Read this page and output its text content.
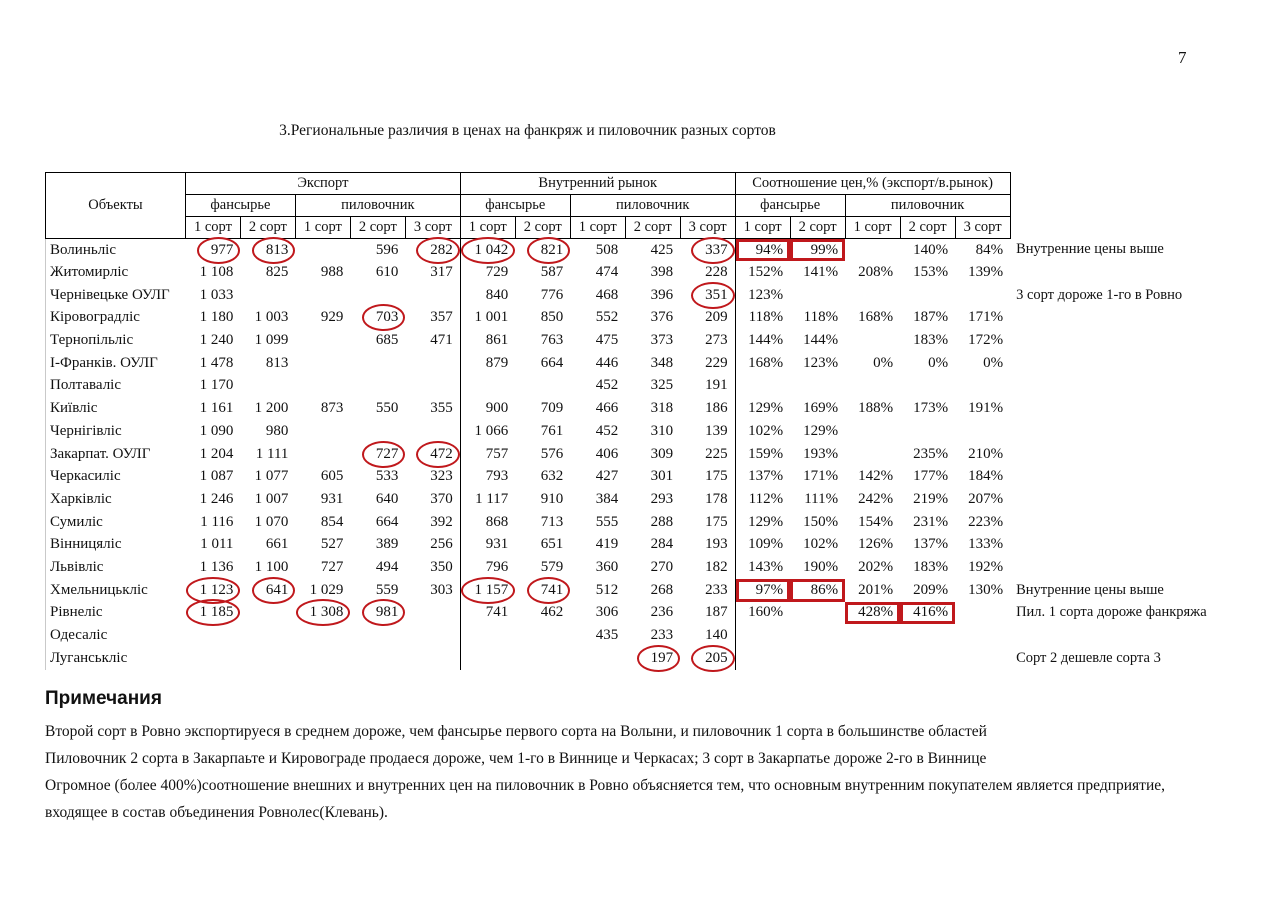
7
3.Региональные различия в ценах на фанкряж и пиловочник разных сортов
Объекты	Экспорт					Внутренний рынок					Соотношение цен,% (экспорт/в.рынок)					
	фансырье		пиловочник			фансырье		пиловочник			фансырье		пиловочник			
	1 сорт	2 сорт	1 сорт	2 сорт	3 сорт	1 сорт	2 сорт	1 сорт	2 сорт	3 сорт	1 сорт	2 сорт	1 сорт	2 сорт	3 сорт	
Волиньліс	977	813		596	282	1 042	821	508	425	337	94%	99%		140%	84%	Внутренние цены выше
Житомирліс	1 108	825	988	610	317	729	587	474	398	228	152%	141%	208%	153%	139%	
Чернівецьке ОУЛГ	1 033					840	776	468	396	351	123%					3 сорт дороже 1-го в Ровно
Кіровоградліс	1 180	1 003	929	703	357	1 001	850	552	376	209	118%	118%	168%	187%	171%	
Тернопільліс	1 240	1 099		685	471	861	763	475	373	273	144%	144%		183%	172%	
І-Франків. ОУЛГ	1 478	813				879	664	446	348	229	168%	123%	0%	0%	0%	
Полтаваліс	1 170							452	325	191						
Київліс	1 161	1 200	873	550	355	900	709	466	318	186	129%	169%	188%	173%	191%	
Чернігівліс	1 090	980				1 066	761	452	310	139	102%	129%				
Закарпат. ОУЛГ	1 204	1 111		727	472	757	576	406	309	225	159%	193%		235%	210%	
Черкасиліс	1 087	1 077	605	533	323	793	632	427	301	175	137%	171%	142%	177%	184%	
Харківліс	1 246	1 007	931	640	370	1 117	910	384	293	178	112%	111%	242%	219%	207%	
Сумиліс	1 116	1 070	854	664	392	868	713	555	288	175	129%	150%	154%	231%	223%	
Вінницяліс	1 011	661	527	389	256	931	651	419	284	193	109%	102%	126%	137%	133%	
Львівліс	1 136	1 100	727	494	350	796	579	360	270	182	143%	190%	202%	183%	192%	
Хмельницькліс	1 123	641	1 029	559	303	1 157	741	512	268	233	97%	86%	201%	209%	130%	Внутренние цены выше
Рівнеліс	1 185		1 308	981		741	462	306	236	187	160%		428%	416%		Пил. 1 сорта дороже фанкряжа
Одесаліс								435	233	140						
Луганськліс									197	205						Сорт 2 дешевле сорта 3
Примечания
Второй сорт в Ровно экспортируеся в среднем дороже, чем фансырье первого сорта на Волыни, и пиловочник 1 сорта в большинстве областей
Пиловочник 2 сорта в Закарпаьте и Кировограде продаеся дороже, чем 1-го в Виннице и Черкасах; 3 сорт в Закарпатье дороже 2-го в Виннице
Огромное (более 400%)соотношение внешних и внутренних цен на пиловочник в Ровно объясняется тем, что основным внутренним покупателем является предприятие,
входящее в состав объединения Ровнолес(Клевань).
